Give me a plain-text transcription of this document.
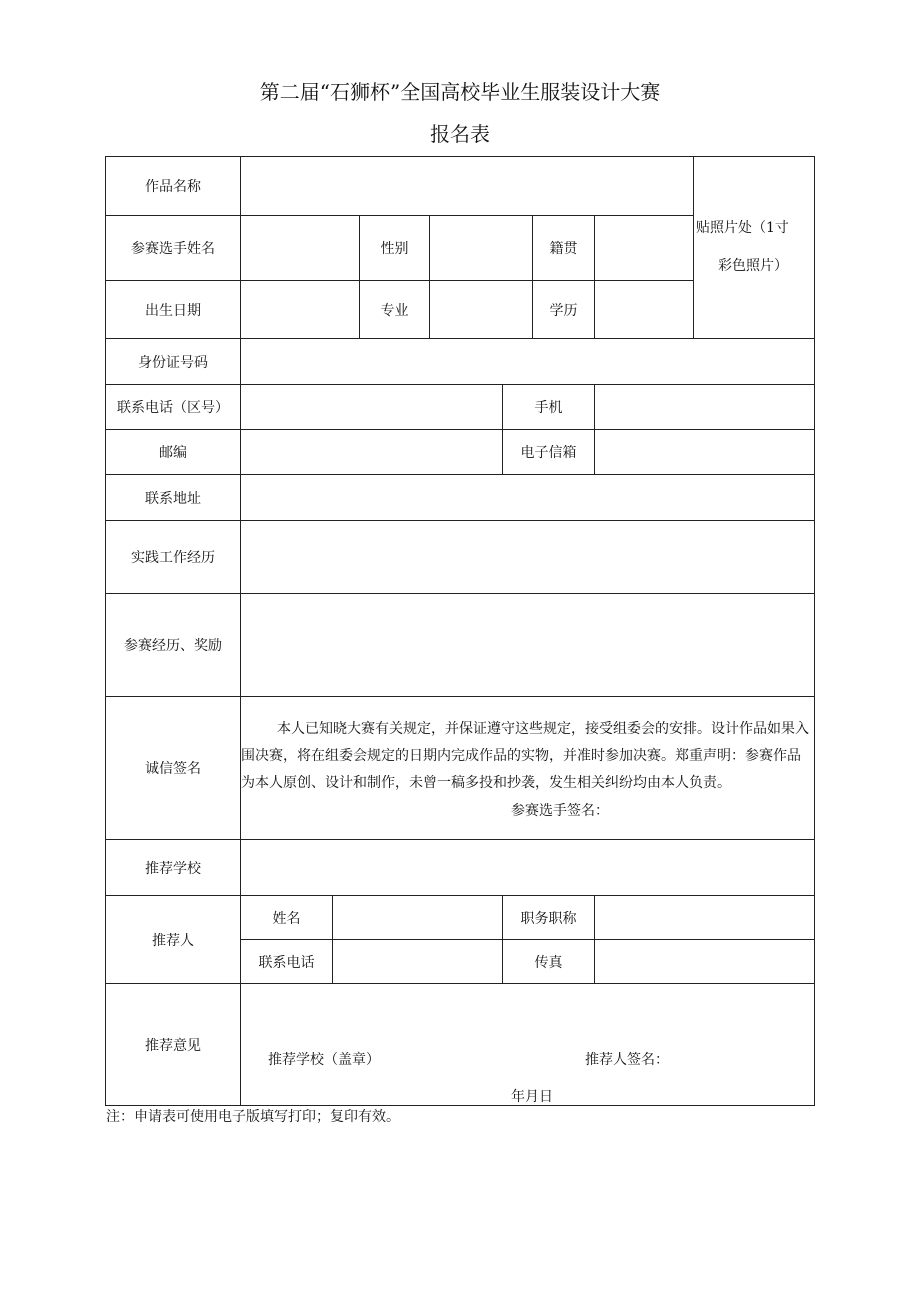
第二届“石狮杯”全国高校毕业生服装设计大赛
报名表
作品名称
贴照片处（1寸
彩色照片）
参赛选手姓名	性别	籍贯
出生日期	专业	学历
身份证号码
联系电话（区号）	手机
邮编	电子信箱
联系地址
实践工作经历
参赛经历、奖励
诚信签名
本人已知晓大赛有关规定，并保证遵守这些规定，接受组委会的安排。设计作品如果入围决赛，将在组委会规定的日期内完成作品的实物，并准时参加决赛。郑重声明：参赛作品为本人原创、设计和制作，未曾一稿多投和抄袭，发生相关纠纷均由本人负责。
参赛选手签名：
推荐学校
推荐人
姓名	职务职称
联系电话	传真
推荐意见
推荐学校（盖章）	推荐人签名：
年月日
注：申请表可使用电子版填写打印；复印有效。
